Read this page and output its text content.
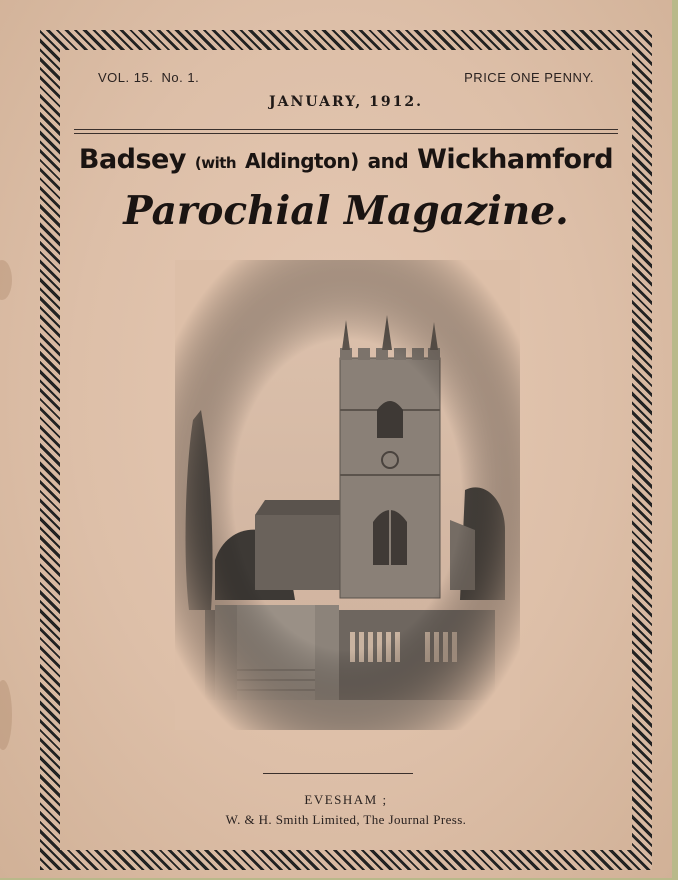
VOL. 15. No. 1.	PRICE ONE PENNY.
JANUARY, 1912.
Badsey (with Aldington) and Wickhamford
Parochial Magazine.
EVESHAM ;
W. & H. Smith Limited, The Journal Press.
